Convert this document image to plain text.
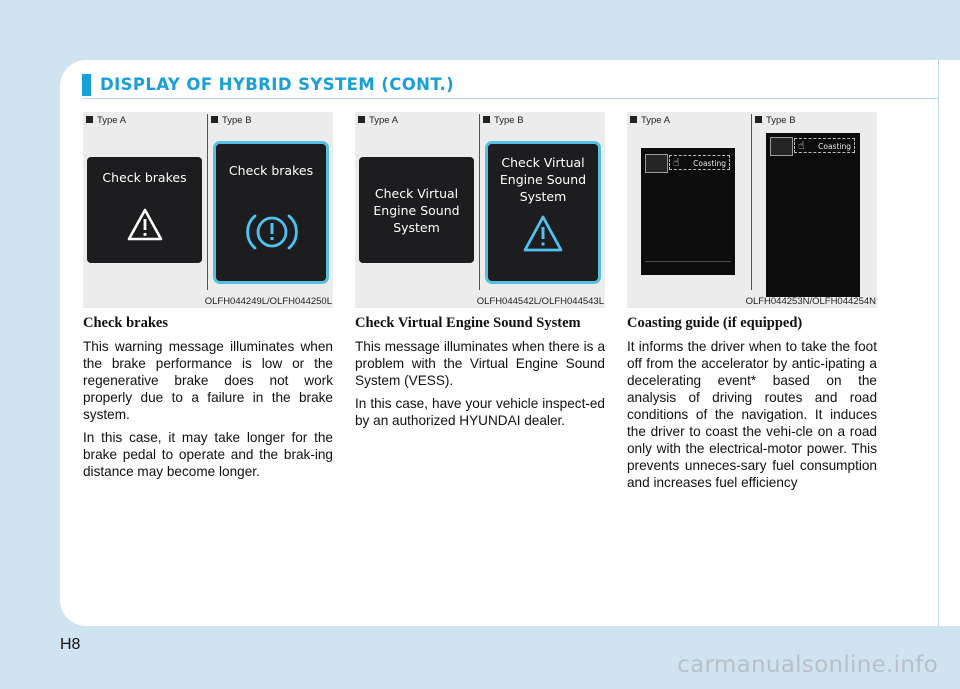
DISPLAY OF HYBRID SYSTEM (CONT.)
Type A	Type B
Check brakes	Check brakes
OLFH044249L/OLFH044250L
Type A	Type B
Check Virtual
Engine Sound
System
Check Virtual
Engine Sound
System
OLFH044542L/OLFH044543L
Type A	Type B
☝ Coasting
☝ Coasting
OLFH044253N/OLFH044254N
Check brakes

This warning message illuminates when the brake performance is low or the regenerative brake does not work properly due to a failure in the brake system.

In this case, it may take longer for the brake pedal to operate and the brak-ing distance may become longer.

Check Virtual Engine Sound System

This message illuminates when there is a problem with the Virtual Engine Sound System (VESS).

In this case, have your vehicle inspect-ed by an authorized HYUNDAI dealer.

Coasting guide (if equipped)

It informs the driver when to take the foot off from the accelerator by antic-ipating a decelerating event* based on the analysis of driving routes and road conditions of the navigation. It induces the driver to coast the vehi-cle on a road only with the electrical-motor power. This prevents unneces-sary fuel consumption and increases fuel efficiency

H8
carmanualsonline.info
